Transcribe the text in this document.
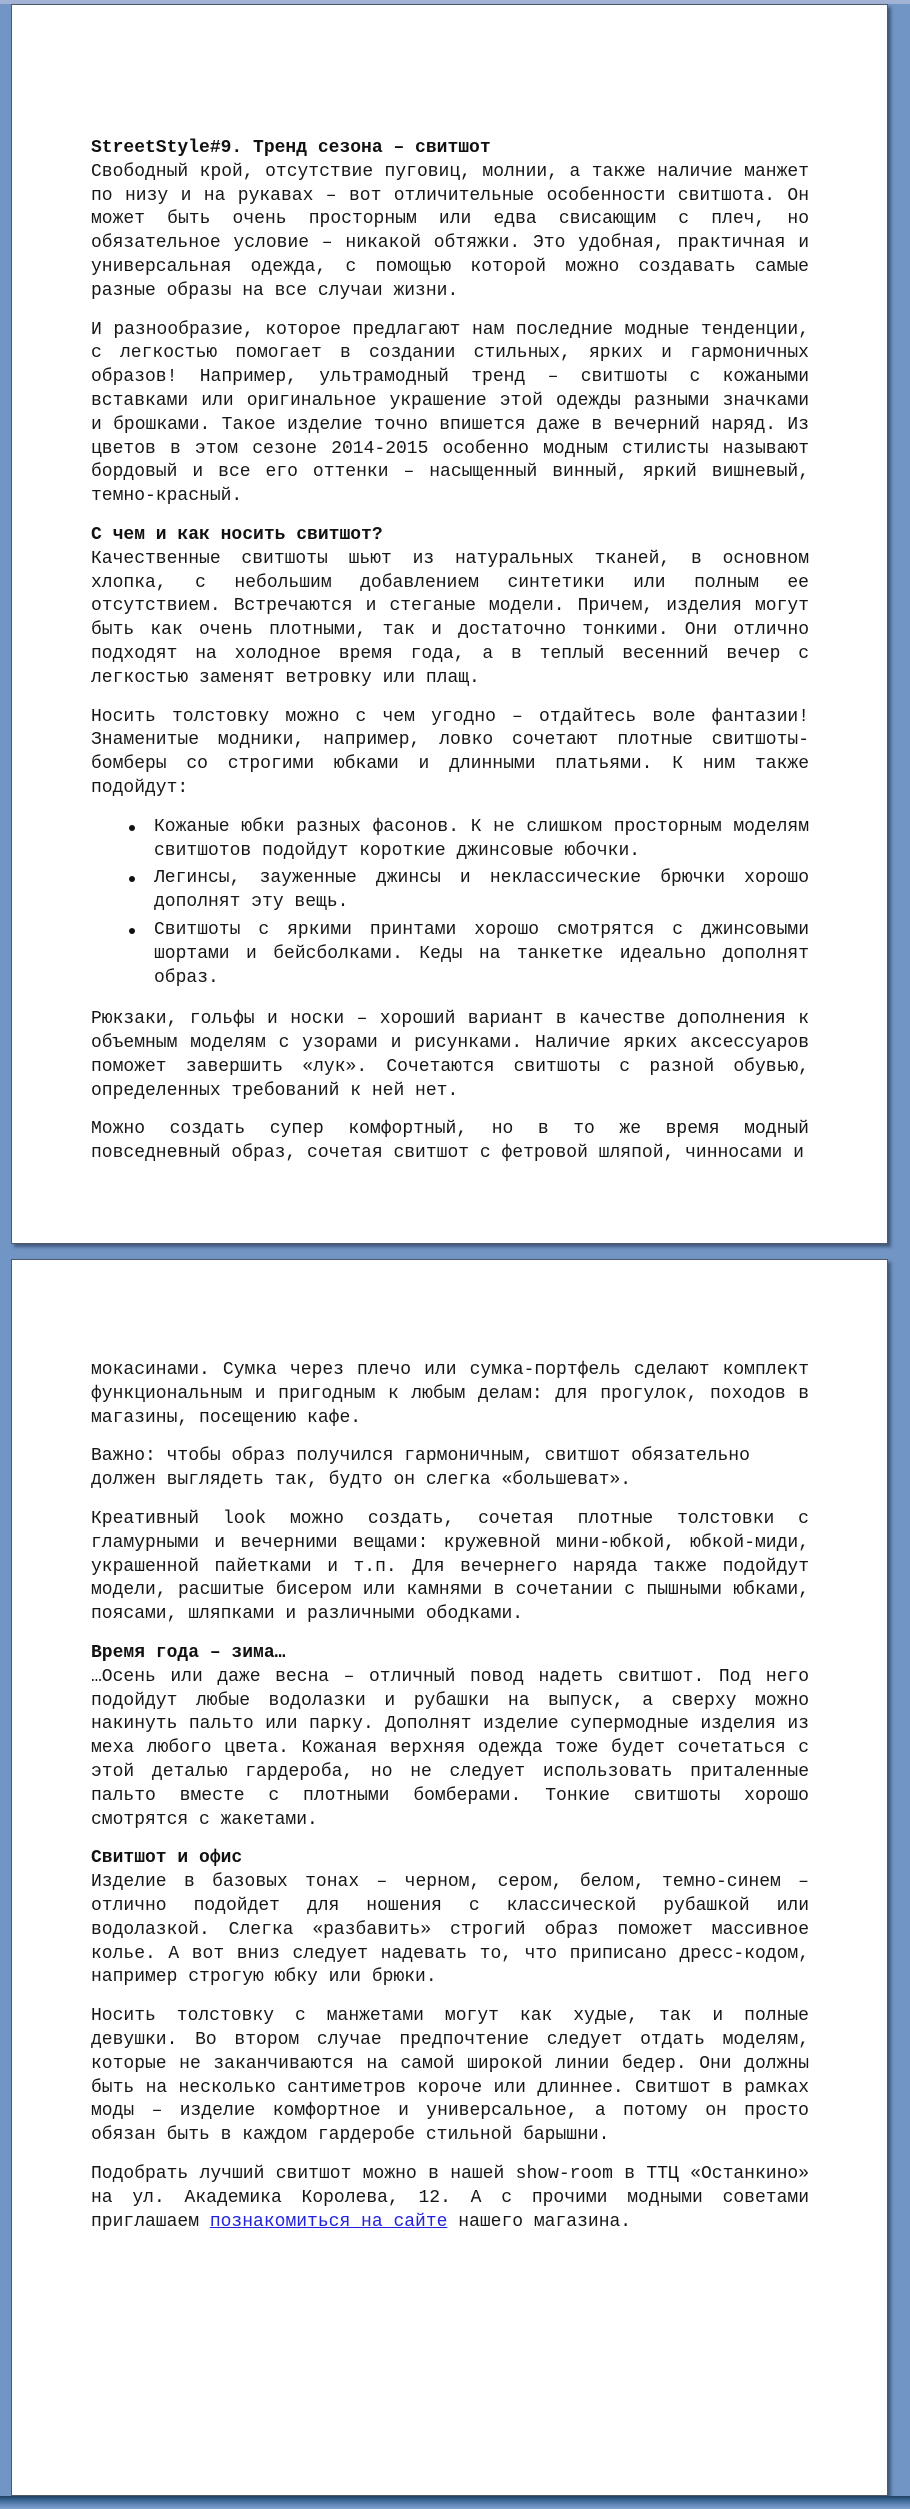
StreetStyle#9. Тренд сезона – свитшот

Свободный крой, отсутствие пуговиц, молнии, а также наличие манжет по низу и на рукавах – вот отличительные особенности свитшота. Он может быть очень просторным или едва свисающим с плеч, но обязательное условие – никакой обтяжки. Это удобная, практичная и универсальная одежда, с помощью которой можно создавать самые разные образы на все случаи жизни.

И разнообразие, которое предлагают нам последние модные тенденции, с легкостью помогает в создании стильных, ярких и гармоничных образов! Например, ультрамодный тренд – свитшоты с кожаными вставками или оригинальное украшение этой одежды разными значками и брошками. Такое изделие точно впишется даже в вечерний наряд. Из цветов в этом сезоне 2014-2015 особенно модным стилисты называют бордовый и все его оттенки – насыщенный винный, яркий вишневый, темно-красный.

С чем и как носить свитшот?

Качественные свитшоты шьют из натуральных тканей, в основном хлопка, с небольшим добавлением синтетики или полным ее отсутствием. Встречаются и стеганые модели. Причем, изделия могут быть как очень плотными, так и достаточно тонкими. Они отлично подходят на холодное время года, а в теплый весенний вечер с легкостью заменят ветровку или плащ.

Носить толстовку можно с чем угодно – отдайтесь воле фантазии! Знаменитые модники, например, ловко сочетают плотные свитшоты-бомберы со строгими юбками и длинными платьями. К ним также подойдут:

Кожаные юбки разных фасонов. К не слишком просторным моделям свитшотов подойдут короткие джинсовые юбочки.
Легинсы, зауженные джинсы и неклассические брючки хорошо дополнят эту вещь.
Свитшоты с яркими принтами хорошо смотрятся с джинсовыми шортами и бейсболками. Кеды на танкетке идеально дополнят образ.

Рюкзаки, гольфы и носки – хороший вариант в качестве дополнения к объемным моделям с узорами и рисунками. Наличие ярких аксессуаров поможет завершить «лук». Сочетаются свитшоты с разной обувью, определенных требований к ней нет.

Можно создать супер комфортный, но в то же время модный повседневный образ, сочетая свитшот с фетровой шляпой, чинносами и

мокасинами. Сумка через плечо или сумка-портфель сделают комплект функциональным и пригодным к любым делам: для прогулок, походов в магазины, посещению кафе.

Важно: чтобы образ получился гармоничным, свитшот обязательно должен выглядеть так, будто он слегка «большеват».

Креативный look можно создать, сочетая плотные толстовки с гламурными и вечерними вещами: кружевной мини-юбкой, юбкой-миди, украшенной пайетками и т.п. Для вечернего наряда также подойдут модели, расшитые бисером или камнями в сочетании с пышными юбками, поясами, шляпками и различными ободками.

Время года – зима…

…Осень или даже весна – отличный повод надеть свитшот. Под него подойдут любые водолазки и рубашки на выпуск, а сверху можно накинуть пальто или парку. Дополнят изделие супермодные изделия из меха любого цвета. Кожаная верхняя одежда тоже будет сочетаться с этой деталью гардероба, но не следует использовать приталенные пальто вместе с плотными бомберами. Тонкие свитшоты хорошо смотрятся с жакетами.

Свитшот и офис

Изделие в базовых тонах – черном, сером, белом, темно-синем – отлично подойдет для ношения с классической рубашкой или водолазкой. Слегка «разбавить» строгий образ поможет массивное колье. А вот вниз следует надевать то, что приписано дресс-кодом, например строгую юбку или брюки.

Носить толстовку с манжетами могут как худые, так и полные девушки. Во втором случае предпочтение следует отдать моделям, которые не заканчиваются на самой широкой линии бедер. Они должны быть на несколько сантиметров короче или длиннее. Свитшот в рамках моды – изделие комфортное и универсальное, а потому он просто обязан быть в каждом гардеробе стильной барышни.

Подобрать лучший свитшот можно в нашей show-room в ТТЦ «Останкино» на ул. Академика Королева, 12. А с прочими модными советами приглашаем познакомиться на сайте нашего магазина.
